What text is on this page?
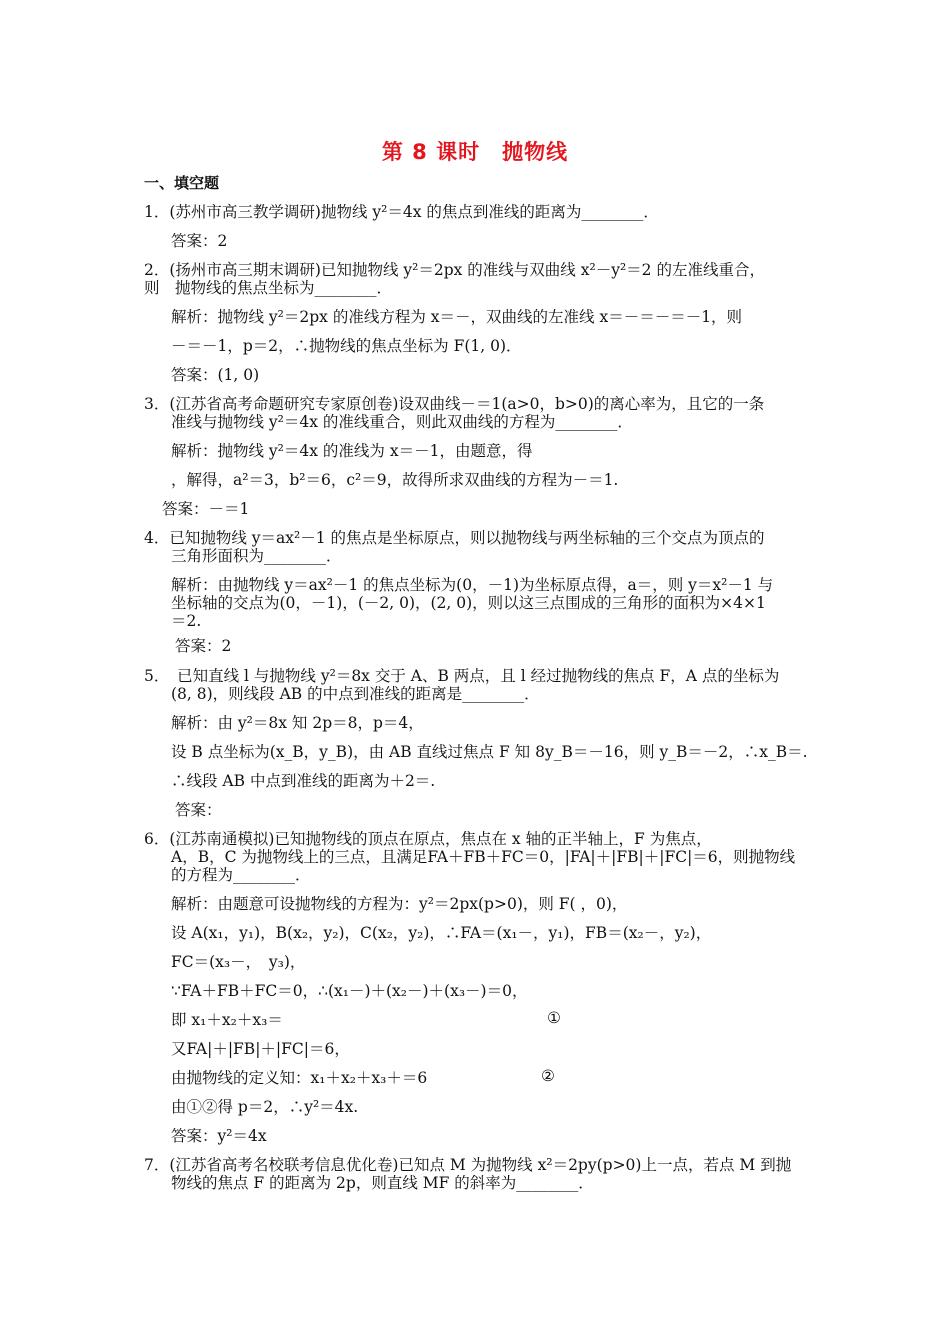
第 8 课时　抛物线
一、填空题
1．(苏州市高三教学调研)抛物线 y²＝4x 的焦点到准线的距离为________．
答案：2
2．(扬州市高三期末调研)已知抛物线 y²＝2px 的准线与双曲线 x²－y²＝2 的左准线重合，
则　抛物线的焦点坐标为________．
解析：抛物线 y²＝2px 的准线方程为 x＝－，双曲线的左准线 x＝－＝－＝－1，则
－＝－1，p＝2，∴抛物线的焦点坐标为 F(1, 0)．
答案：(1, 0)
3．(江苏省高考命题研究专家原创卷)设双曲线－＝1(a>0，b>0)的离心率为，且它的一条
准线与抛物线 y²＝4x 的准线重合，则此双曲线的方程为________．
解析：抛物线 y²＝4x 的准线为 x＝－1，由题意，得
，解得，a²＝3，b²＝6，c²＝9，故得所求双曲线的方程为－＝1.
答案：－＝1
4．已知抛物线 y＝ax²－1 的焦点是坐标原点，则以抛物线与两坐标轴的三个交点为顶点的
三角形面积为________．
解析：由抛物线 y＝ax²－1 的焦点坐标为(0，－1)为坐标原点得，a＝，则 y＝x²－1 与
坐标轴的交点为(0，－1)，(－2, 0)，(2, 0)，则以这三点围成的三角形的面积为×4×1
＝2.
答案：2
5．　已知直线 l 与抛物线 y²＝8x 交于 A、B 两点，且 l 经过抛物线的焦点 F，A 点的坐标为
(8, 8)，则线段 AB 的中点到准线的距离是________．
解析：由 y²＝8x 知 2p＝8，p＝4，
设 B 点坐标为(x_B，y_B)，由 AB 直线过焦点 F 知 8y_B＝－16，则 y_B＝－2，∴x_B＝.
∴线段 AB 中点到准线的距离为＋2＝.
答案：
6．(江苏南通模拟)已知抛物线的顶点在原点，焦点在 x 轴的正半轴上，F 为焦点，
A，B，C 为抛物线上的三点，且满足FA＋FB＋FC＝0，|FA|＋|FB|＋|FC|＝6，则抛物线
的方程为________．
解析：由题意可设抛物线的方程为：y²＝2px(p>0)，则 F( ，0)，
设 A(x₁，y₁)，B(x₂，y₂)，C(x₂，y₂)，∴FA＝(x₁－，y₁)，FB＝(x₂－，y₂)，
FC＝(x₃－，　y₃)，
∵FA＋FB＋FC＝0，∴(x₁－)＋(x₂－)＋(x₃－)＝0，
即 x₁＋x₂＋x₃＝	①
又FA|＋|FB|＋|FC|＝6，
由抛物线的定义知：x₁＋x₂＋x₃＋＝6	②
由①②得 p＝2，∴y²＝4x.
答案：y²＝4x
7．(江苏省高考名校联考信息优化卷)已知点 M 为抛物线 x²＝2py(p>0)上一点，若点 M 到抛
物线的焦点 F 的距离为 2p，则直线 MF 的斜率为________．
